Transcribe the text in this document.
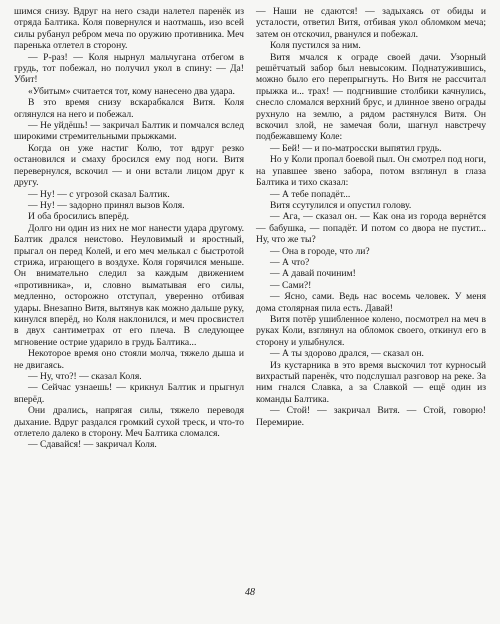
шимся снизу. Вдруг на него сзади налетел паренёк из отряда Балтика. Коля повернулся и наотмашь, изо всей силы рубанул ребром меча по оружию противника. Меч паренька отлетел в сторону.

— Р-раз! — Коля нырнул мальчугана отбегом в грудь, тот побежал, но получил укол в спину: — Да! Убит!

«Убитым» считается тот, кому нанесено два удара.

В это время снизу вскарабкался Витя. Коля оглянулся на него и побежал.

— Не уйдёшь! — закричал Балтик и помчался вслед широкими стремительными прыжками.

Когда он уже настиг Колю, тот вдруг резко остановился и смаху бросился ему под ноги. Витя перевернулся, вскочил — и они встали лицом друг к другу.

— Ну! — с угрозой сказал Балтик.

— Ну! — задорно принял вызов Коля.

И оба бросились вперёд.

Долго ни один из них не мог нанести удара другому. Балтик дрался неистово. Неуловимый и яростный, прыгал он перед Колей, и его меч мелькал с быстротой стрижа, играющего в воздухе. Коля горячился меньше. Он внимательно следил за каждым движением «противника», и, словно выматывая его силы, медленно, осторожно отступал, уверенно отбивая удары. Внезапно Витя, вытянув как можно дальше руку, кинулся вперёд, но Коля наклонился, и меч просвистел в двух сантиметрах от его плеча. В следующее мгновение острие ударило в грудь Балтика...

Некоторое время оно стояли молча, тяжело дыша и не двигаясь.

— Ну, что?! — сказал Коля.

— Сейчас узнаешь! — крикнул Балтик и прыгнул вперёд.

Они дрались, напрягая силы, тяжело переводя дыхание. Вдруг раздался громкий сухой треск, и что-то отлетело далеко в сторону. Меч Балтика сломался.

— Сдавайся! — закричал Коля.

— Наши не сдаются! — задыхаясь от обиды и усталости, ответил Витя, отбивая укол обломком меча; затем он отскочил, рванулся и побежал.

Коля пустился за ним.

Витя мчался к ограде своей дачи. Узорный решётчатый забор был невысоким. Поднатужившись, можно было его перепрыгнуть. Но Витя не рассчитал прыжка и... трах! — подгнившие столбики качнулись, снесло сломался верхний брус, и длинное звено ограды рухнуло на землю, а рядом растянулся Витя. Он вскочил злой, не замечая боли, шагнул навстречу подбежавшему Коле:

— Бей! — и по-матросски выпятил грудь.

Но у Коли пропал боевой пыл. Он смотрел под ноги, на упавшее звено забора, потом взглянул в глаза Балтика и тихо сказал:

— А тебе попадёт...

Витя ссутулился и опустил голову.

— Ага, — сказал он. — Как она из города вернётся — бабушка, — попадёт. И потом со двора не пустит... Ну, что же ты?

— Она в городе, что ли?

— А что?

— А давай починим!

— Сами?!

— Ясно, сами. Ведь нас восемь человек. У меня дома столярная пила есть. Давай!

Витя потёр ушибленное колено, посмотрел на меч в руках Коли, взглянул на обломок своего, откинул его в сторону и улыбнулся.

— А ты здорово дрался, — сказал он.

Из кустарника в это время выскочил тот курносый вихрастый паренёк, что подслушал разговор на реке. За ним гнался Славка, а за Славкой — ещё один из команды Балтика.

— Стой! — закричал Витя. — Стой, говорю! Перемирие.

48
